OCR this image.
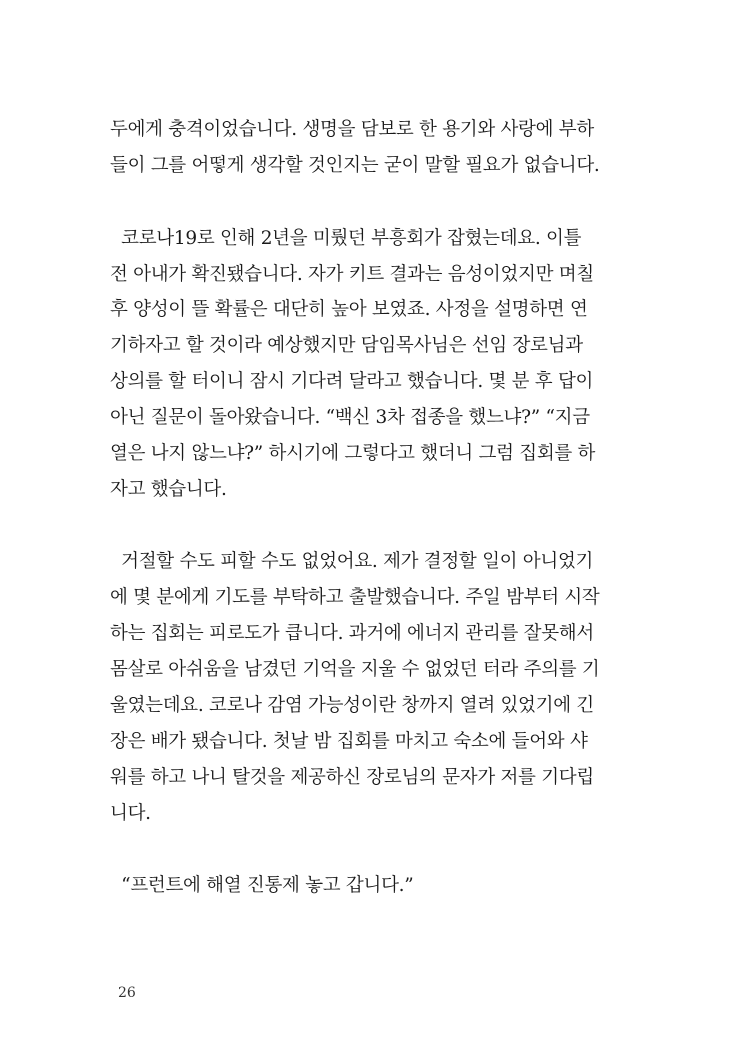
두에게 충격이었습니다. 생명을 담보로 한 용기와 사랑에 부하
들이 그를 어떻게 생각할 것인지는 굳이 말할 필요가 없습니다.
코로나19로 인해 2년을 미뤘던 부흥회가 잡혔는데요. 이틀
전 아내가 확진됐습니다. 자가 키트 결과는 음성이었지만 며칠
후 양성이 뜰 확률은 대단히 높아 보였죠. 사정을 설명하면 연
기하자고 할 것이라 예상했지만 담임목사님은 선임 장로님과
상의를 할 터이니 잠시 기다려 달라고 했습니다. 몇 분 후 답이
아닌 질문이 돌아왔습니다. “백신 3차 접종을 했느냐?” “지금
열은 나지 않느냐?” 하시기에 그렇다고 했더니 그럼 집회를 하
자고 했습니다.
거절할 수도 피할 수도 없었어요. 제가 결정할 일이 아니었기
에 몇 분에게 기도를 부탁하고 출발했습니다. 주일 밤부터 시작
하는 집회는 피로도가 큽니다. 과거에 에너지 관리를 잘못해서
몸살로 아쉬움을 남겼던 기억을 지울 수 없었던 터라 주의를 기
울였는데요. 코로나 감염 가능성이란 창까지 열려 있었기에 긴
장은 배가 됐습니다. 첫날 밤 집회를 마치고 숙소에 들어와 샤
워를 하고 나니 탈것을 제공하신 장로님의 문자가 저를 기다립
니다.
“프런트에 해열 진통제 놓고 갑니다.”
26
